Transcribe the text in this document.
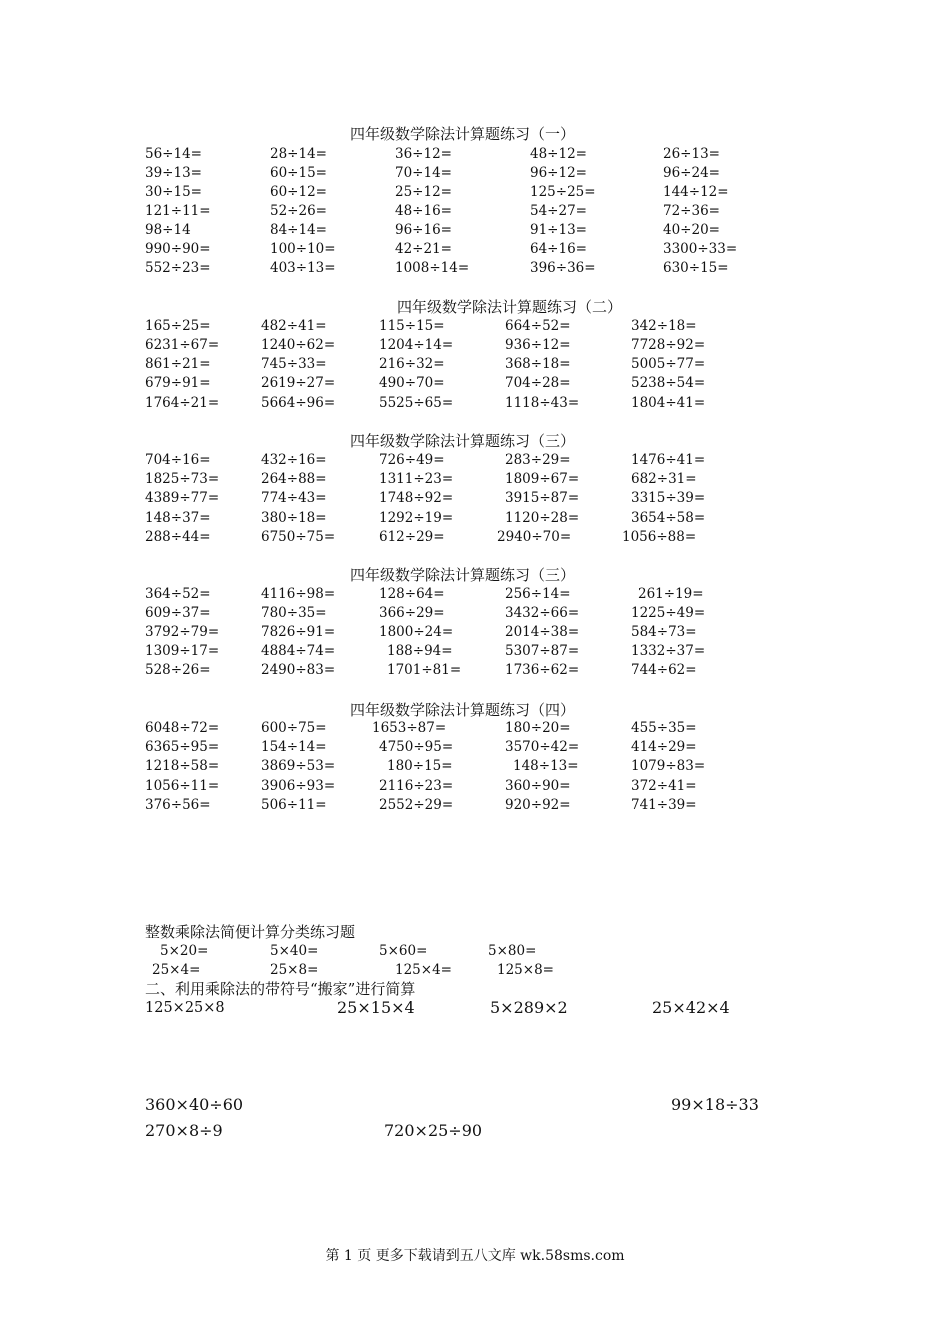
四年级数学除法计算题练习（一）
56÷14=	28÷14=	36÷12=	48÷12=	26÷13=
39÷13=	60÷15=	70÷14=	96÷12=	96÷24=
30÷15=	60÷12=	25÷12=	125÷25=	144÷12=
121÷11=	52÷26=	48÷16=	54÷27=	72÷36=
98÷14	84÷14=	96÷16=	91÷13=	40÷20=
990÷90=	100÷10=	42÷21=	64÷16=	3300÷33=
552÷23=	403÷13=	1008÷14=	396÷36=	630÷15=
四年级数学除法计算题练习（二）
165÷25=	482÷41=	115÷15=	664÷52=	342÷18=
6231÷67=	1240÷62=	1204÷14=	936÷12=	7728÷92=
861÷21=	745÷33=	216÷32=	368÷18=	5005÷77=
679÷91=	2619÷27=	490÷70=	704÷28=	5238÷54=
1764÷21=	5664÷96=	5525÷65=	1118÷43=	1804÷41=
四年级数学除法计算题练习（三）
704÷16=	432÷16=	726÷49=	283÷29=	1476÷41=
1825÷73=	264÷88=	1311÷23=	1809÷67=	682÷31=
4389÷77=	774÷43=	1748÷92=	3915÷87=	3315÷39=
148÷37=	380÷18=	1292÷19=	1120÷28=	3654÷58=
288÷44=	6750÷75=	612÷29=	2940÷70=	1056÷88=
四年级数学除法计算题练习（三）
364÷52=	4116÷98=	128÷64=	256÷14=	261÷19=
609÷37=	780÷35=	366÷29=	3432÷66=	1225÷49=
3792÷79=	7826÷91=	1800÷24=	2014÷38=	584÷73=
1309÷17=	4884÷74=	188÷94=	5307÷87=	1332÷37=
528÷26=	2490÷83=	1701÷81=	1736÷62=	744÷62=
四年级数学除法计算题练习（四）
6048÷72=	600÷75=	1653÷87=	180÷20=	455÷35=
6365÷95=	154÷14=	4750÷95=	3570÷42=	414÷29=
1218÷58=	3869÷53=	180÷15=	148÷13=	1079÷83=
1056÷11=	3906÷93=	2116÷23=	360÷90=	372÷41=
376÷56=	506÷11=	2552÷29=	920÷92=	741÷39=
整数乘除法简便计算分类练习题
5×20=	5×40=	5×60=	5×80=
25×4=	25×8=	125×4=	125×8=
二、利用乘除法的带符号“搬家”进行简算
125×25×8	25×15×4	5×289×2	25×42×4
360×40÷60	99×18÷33
270×8÷9	720×25÷90
第 1 页 更多下载请到五八文库 wk.58sms.com
